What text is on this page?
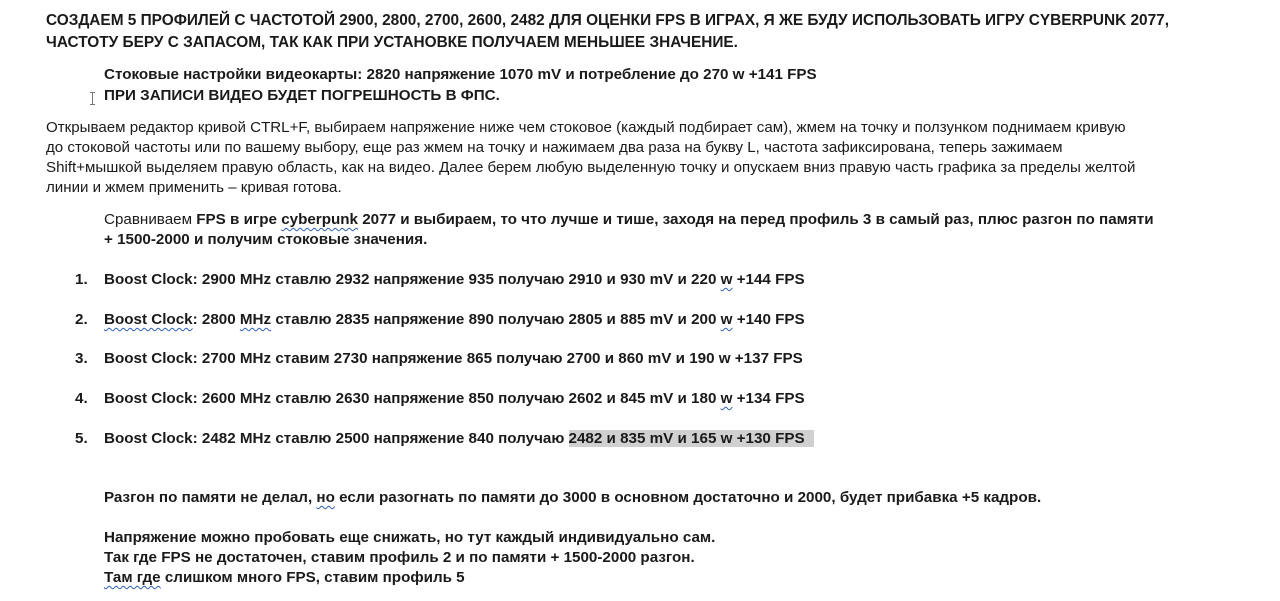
СОЗДАЕМ 5 ПРОФИЛЕЙ С ЧАСТОТОЙ 2900, 2800, 2700, 2600, 2482 ДЛЯ ОЦЕНКИ FPS В ИГРАХ, Я ЖЕ БУДУ ИСПОЛЬЗОВАТЬ ИГРУ CYBERPUNK 2077,
ЧАСТОТУ БЕРУ С ЗАПАСОМ, ТАК КАК ПРИ УСТАНОВКЕ ПОЛУЧАЕМ МЕНЬШЕЕ ЗНАЧЕНИЕ.
Стоковые настройки видеокарты: 2820 напряжение 1070 mV и потребление до 270 w +141 FPS
ПРИ ЗАПИСИ ВИДЕО БУДЕТ ПОГРЕШНОСТЬ В ФПС.
Открываем редактор кривой CTRL+F, выбираем напряжение ниже чем стоковое (каждый подбирает сам), жмем на точку и ползунком поднимаем кривую
до стоковой частоты или по вашему выбору, еще раз жмем на точку и нажимаем два раза на букву L, частота зафиксирована, теперь зажимаем
Shift+мышкой выделяем правую область, как на видео. Далее берем любую выделенную точку и опускаем вниз правую часть графика за пределы желтой
линии и жмем применить – кривая готова.
Сравниваем FPS в игре cyberpunk 2077 и выбираем, то что лучше и тише, заходя на перед профиль 3 в самый раз, плюс разгон по памяти
+ 1500-2000 и получим стоковые значения.
1. Boost Clock: 2900 MHz ставлю 2932 напряжение 935 получаю 2910 и 930 mV и 220 w +144 FPS
2. Boost Clock: 2800 MHz ставлю 2835 напряжение 890 получаю 2805 и 885 mV и 200 w +140 FPS
3. Boost Clock: 2700 MHz ставим 2730 напряжение 865 получаю 2700 и 860 mV и 190 w +137 FPS
4. Boost Clock: 2600 MHz ставлю 2630 напряжение 850 получаю 2602 и 845 mV и 180 w +134 FPS
5. Boost Clock: 2482 MHz ставлю 2500 напряжение 840 получаю 2482 и 835 mV и 165 w +130 FPS
Разгон по памяти не делал, но если разогнать по памяти до 3000 в основном достаточно и 2000, будет прибавка +5 кадров.
Напряжение можно пробовать еще снижать, но тут каждый индивидуально сам.
Так где FPS не достаточен, ставим профиль 2 и по памяти + 1500-2000 разгон.
Там где слишком много FPS, ставим профиль 5
